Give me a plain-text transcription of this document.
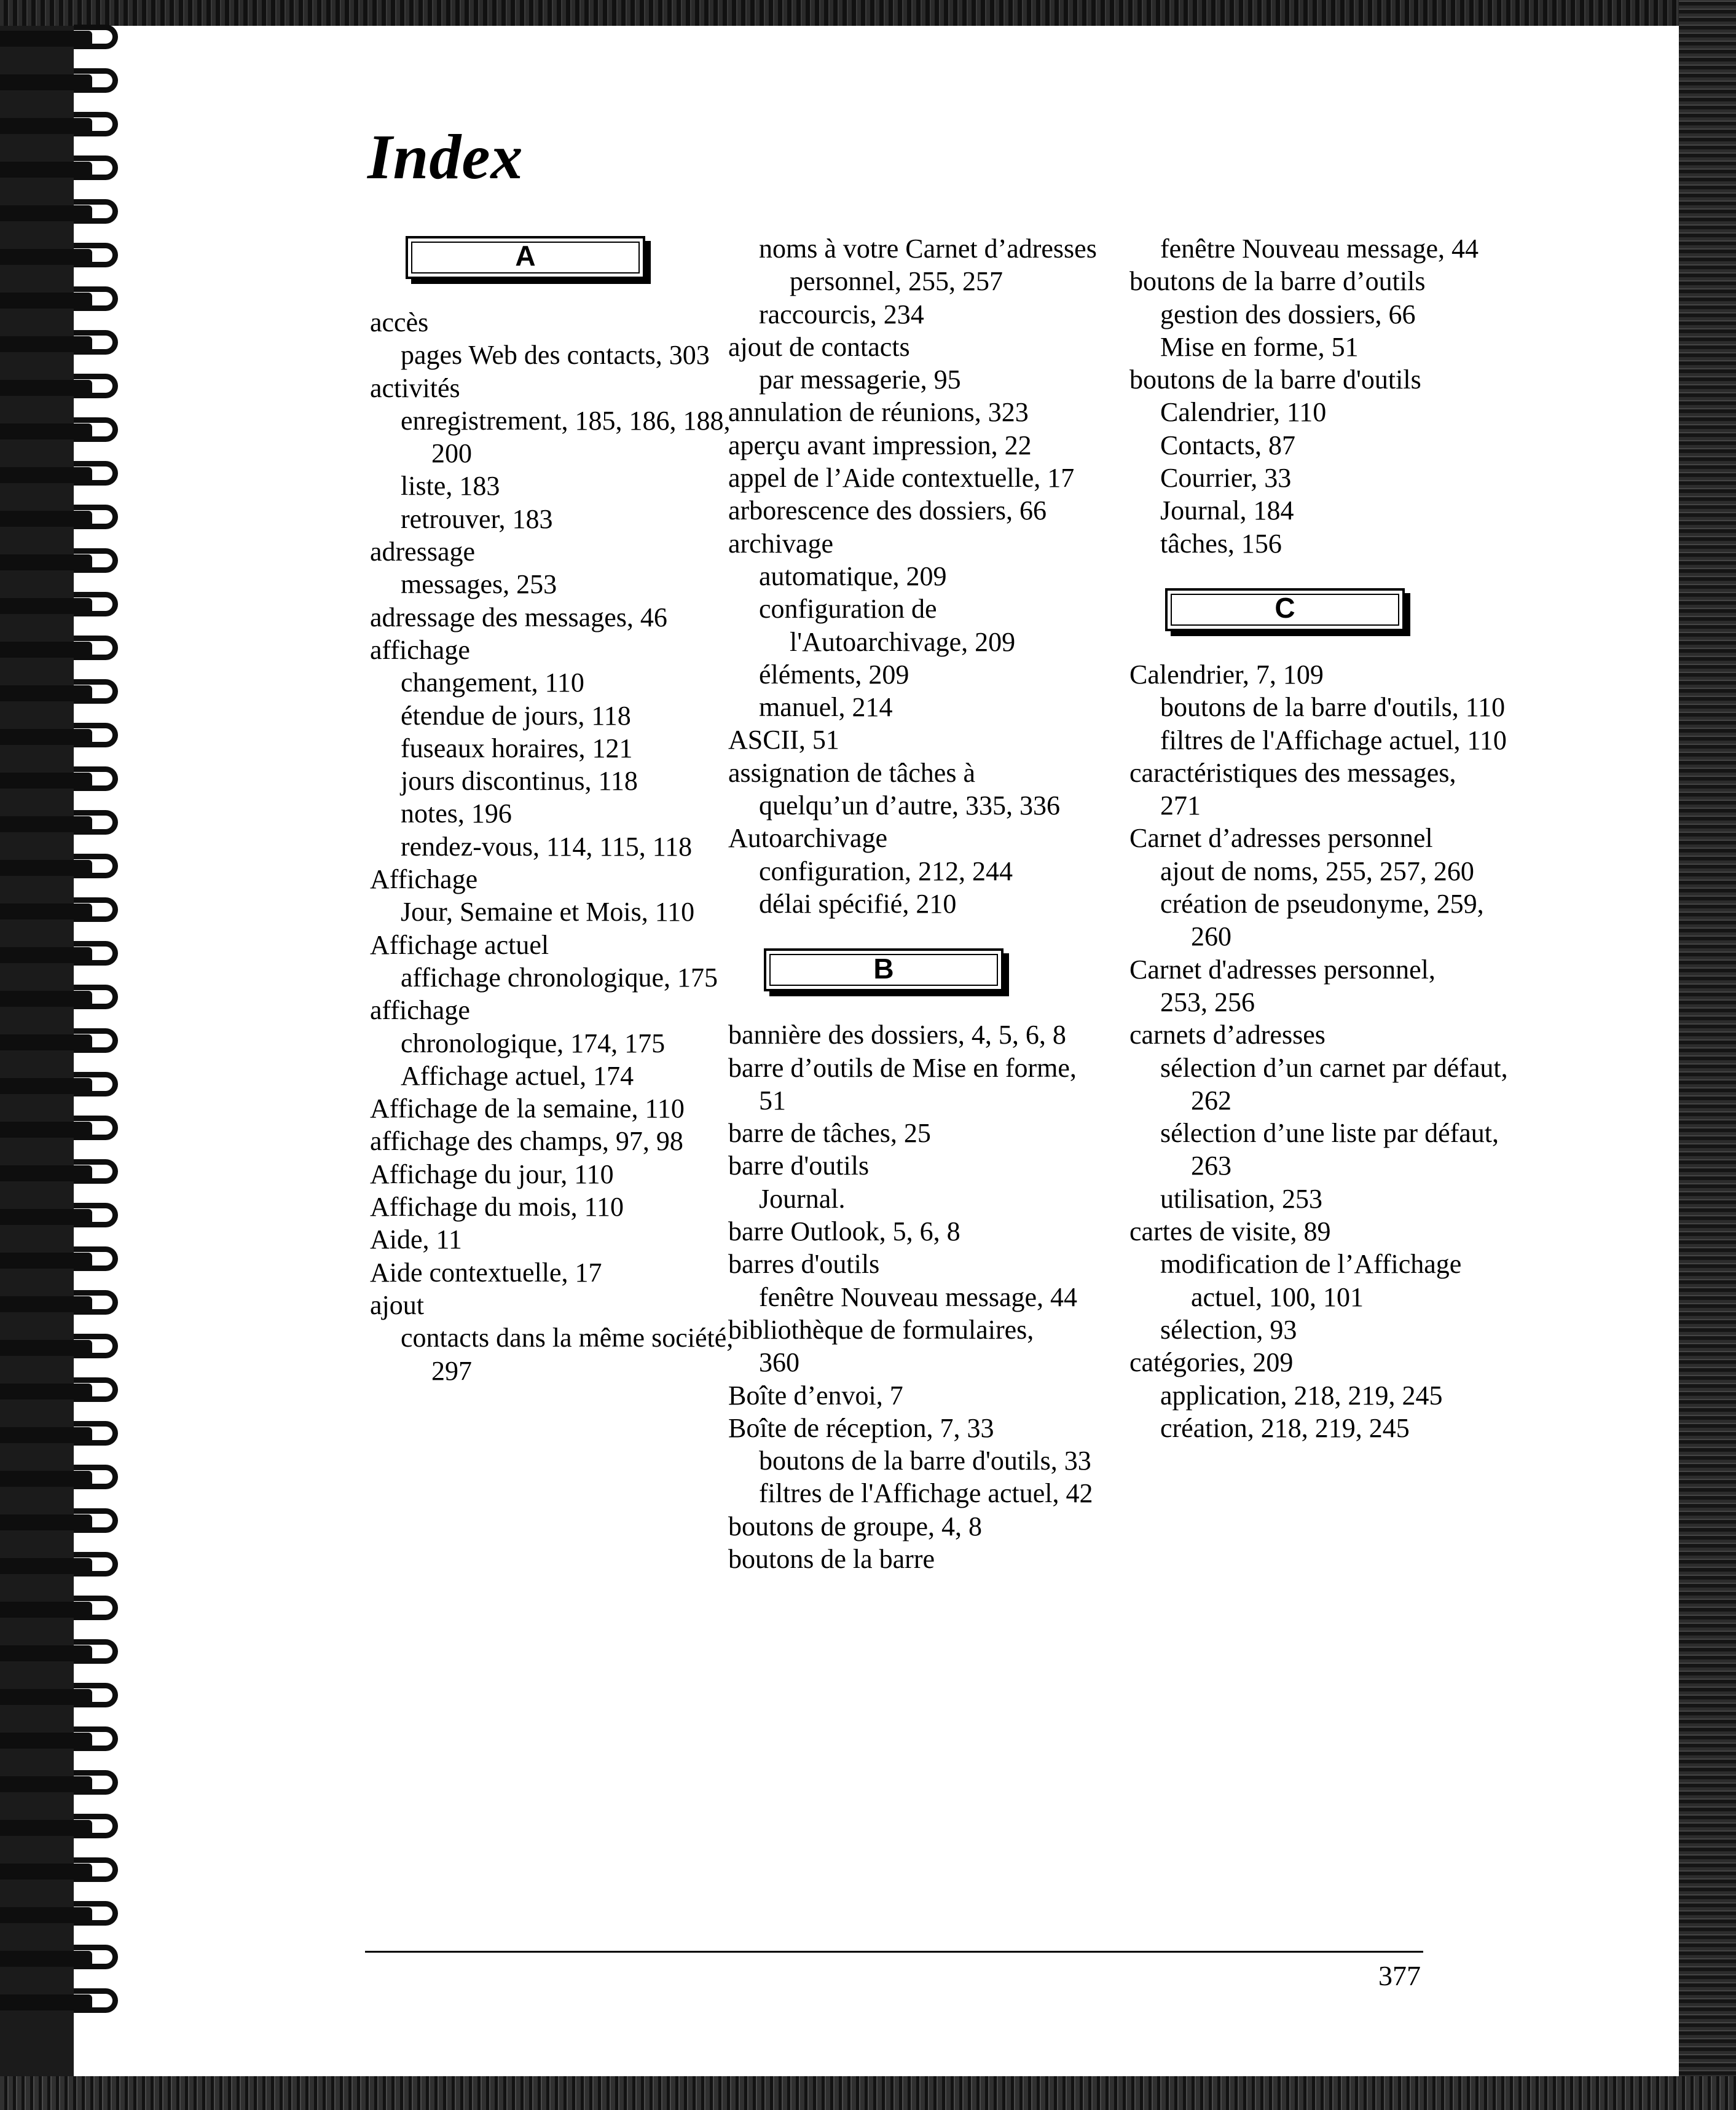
Index
A

accès

pages Web des contacts, 303

activités

enregistrement, 185, 186, 188, 200

liste, 183

retrouver, 183

adressage

messages, 253

adressage des messages, 46

affichage

changement, 110

étendue de jours, 118

fuseaux horaires, 121

jours discontinus, 118

notes, 196

rendez-vous, 114, 115, 118

Affichage

Jour, Semaine et Mois, 110

Affichage actuel

affichage chronologique, 175

affichage

chronologique, 174, 175

Affichage actuel, 174

Affichage de la semaine, 110

affichage des champs, 97, 98

Affichage du jour, 110

Affichage du mois, 110

Aide, 11

Aide contextuelle, 17

ajout

contacts dans la même société, 297

noms à votre Carnet d’adresses personnel, 255, 257

raccourcis, 234

ajout de contacts

par messagerie, 95

annulation de réunions, 323

aperçu avant impression, 22

appel de l’Aide contextuelle, 17

arborescence des dossiers, 66

archivage

automatique, 209

configuration de l'Autoarchivage, 209

éléments, 209

manuel, 214

ASCII, 51

assignation de tâches à quelqu’un d’autre, 335, 336

Autoarchivage

configuration, 212, 244

délai spécifié, 210

B

bannière des dossiers, 4, 5, 6, 8

barre d’outils de Mise en forme, 51

barre de tâches, 25

barre d'outils

Journal.

barre Outlook, 5, 6, 8

barres d'outils

fenêtre Nouveau message, 44

bibliothèque de formulaires, 360

Boîte d’envoi, 7

Boîte de réception, 7, 33

boutons de la barre d'outils, 33

filtres de l'Affichage actuel, 42

boutons de groupe, 4, 8

boutons de la barre

fenêtre Nouveau message, 44

boutons de la barre d’outils

gestion des dossiers, 66

Mise en forme, 51

boutons de la barre d'outils

Calendrier, 110

Contacts, 87

Courrier, 33

Journal, 184

tâches, 156

C

Calendrier, 7, 109

boutons de la barre d'outils, 110

filtres de l'Affichage actuel, 110

caractéristiques des messages, 271

Carnet d’adresses personnel

ajout de noms, 255, 257, 260

création de pseudonyme, 259, 260

Carnet d'adresses personnel, 253, 256

carnets d’adresses

sélection d’un carnet par défaut, 262

sélection d’une liste par défaut, 263

utilisation, 253

cartes de visite, 89

modification de l’Affichage actuel, 100, 101

sélection, 93

catégories, 209

application, 218, 219, 245

création, 218, 219, 245

377
